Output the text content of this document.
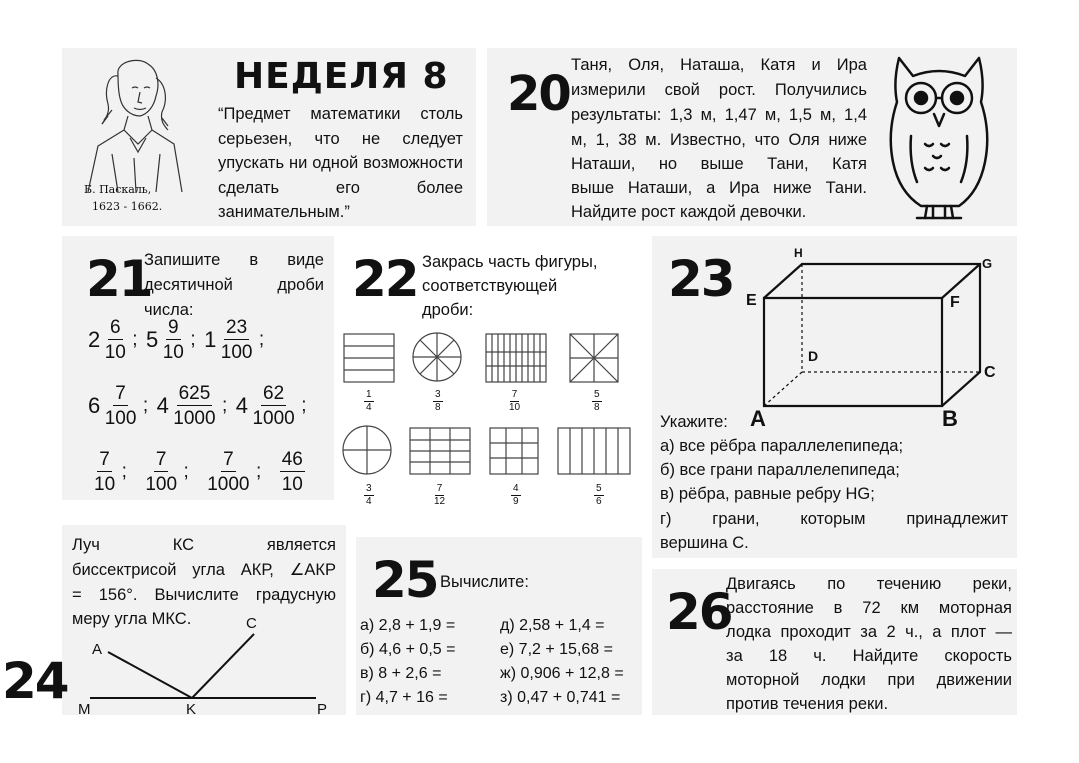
Б. Паскаль,
1623 - 1662.
НЕДЕЛЯ 8
“Предмет математики столь серьезен, что не следует упускать ни одной возможности сделать его более занимательным.”
20
Таня, Оля, Наташа, Катя и Ира
измерили свой рост. Получились
результаты: 1,3 м, 1,47 м, 1,5 м, 1,4
м, 1, 38 м. Известно, что Оля ниже
Наташи, но выше Тани, Катя
выше Наташи, а Ира ниже Тани.
Найдите рост каждой девочки.
21
Запишите в виде
десятичной дроби
числа:
$2 \frac{6}{10}$ ; $5 \frac{9}{10}$ ; $1 \frac{23}{100}$ ;
$6 \frac{7}{100}$ ; $4 \frac{625}{1000}$ ; $4 \frac{62}{1000}$ ;
$\frac{7}{10}$ ; $\frac{7}{100}$ ; $\frac{7}{1000}$ ; $\frac{46}{10}$
22 Закрась часть фигуры,
соответствующей
дроби:
1
4
3
8
7
10
5
8
3
4
7
12
4
9
5
6
23	H
G
E	F
D
C
A	B
Укажите:
а) все рёбра параллелепипеда;
б) все грани параллелепипеда;
в) рёбра, равные ребру HG;
г) грани, которым принадлежит
вершина С.
Луч КС является
биссектрисой угла АКР, ∠АКР
= 156°. Вычислите градусную
меру угла МКС.
A
C
M	K	P
24
25 Вычислите:
а) 2,8 + 1,9 =
б) 4,6 + 0,5 =
в) 8 + 2,6 =
г) 4,7 + 16 =
д) 2,58 + 1,4 =
е) 7,2 + 15,68 =
ж) 0,906 + 12,8 =
з) 0,47 + 0,741 =
26
Двигаясь по течению реки,
расстояние в 72 км моторная
лодка проходит за 2 ч., а плот —
за 18 ч. Найдите скорость
моторной лодки при движении
против течения реки.
